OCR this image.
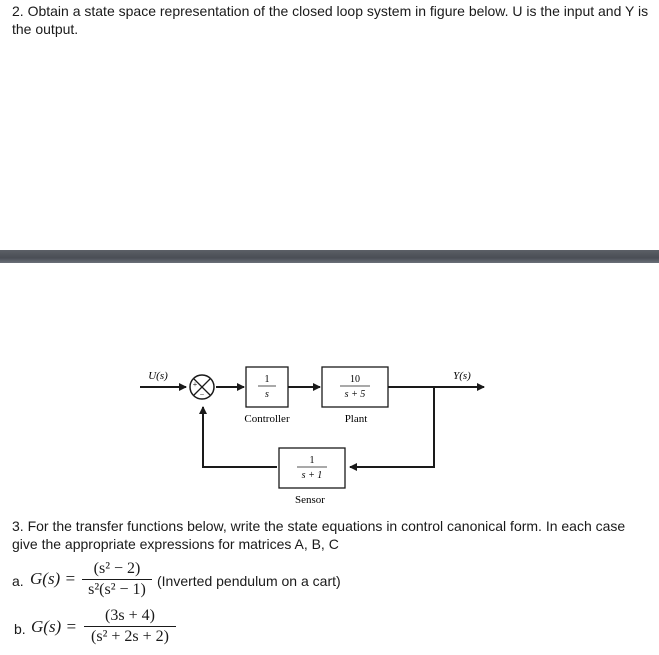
2. Obtain a state space representation of the closed loop system in figure below. U is the input and Y is the output.
+
−
1
s
Controller
10
s + 5
Plant
1
s + 1
Sensor
U(s)	Y(s)
3. For the transfer functions below, write the state equations in control canonical form. In each case give the appropriate expressions for matrices A, B, C
a. G(s) =
(s² − 2)
s²(s² − 1) (Inverted pendulum on a cart)
b. G(s) =
(3s + 4)
(s² + 2s + 2)
